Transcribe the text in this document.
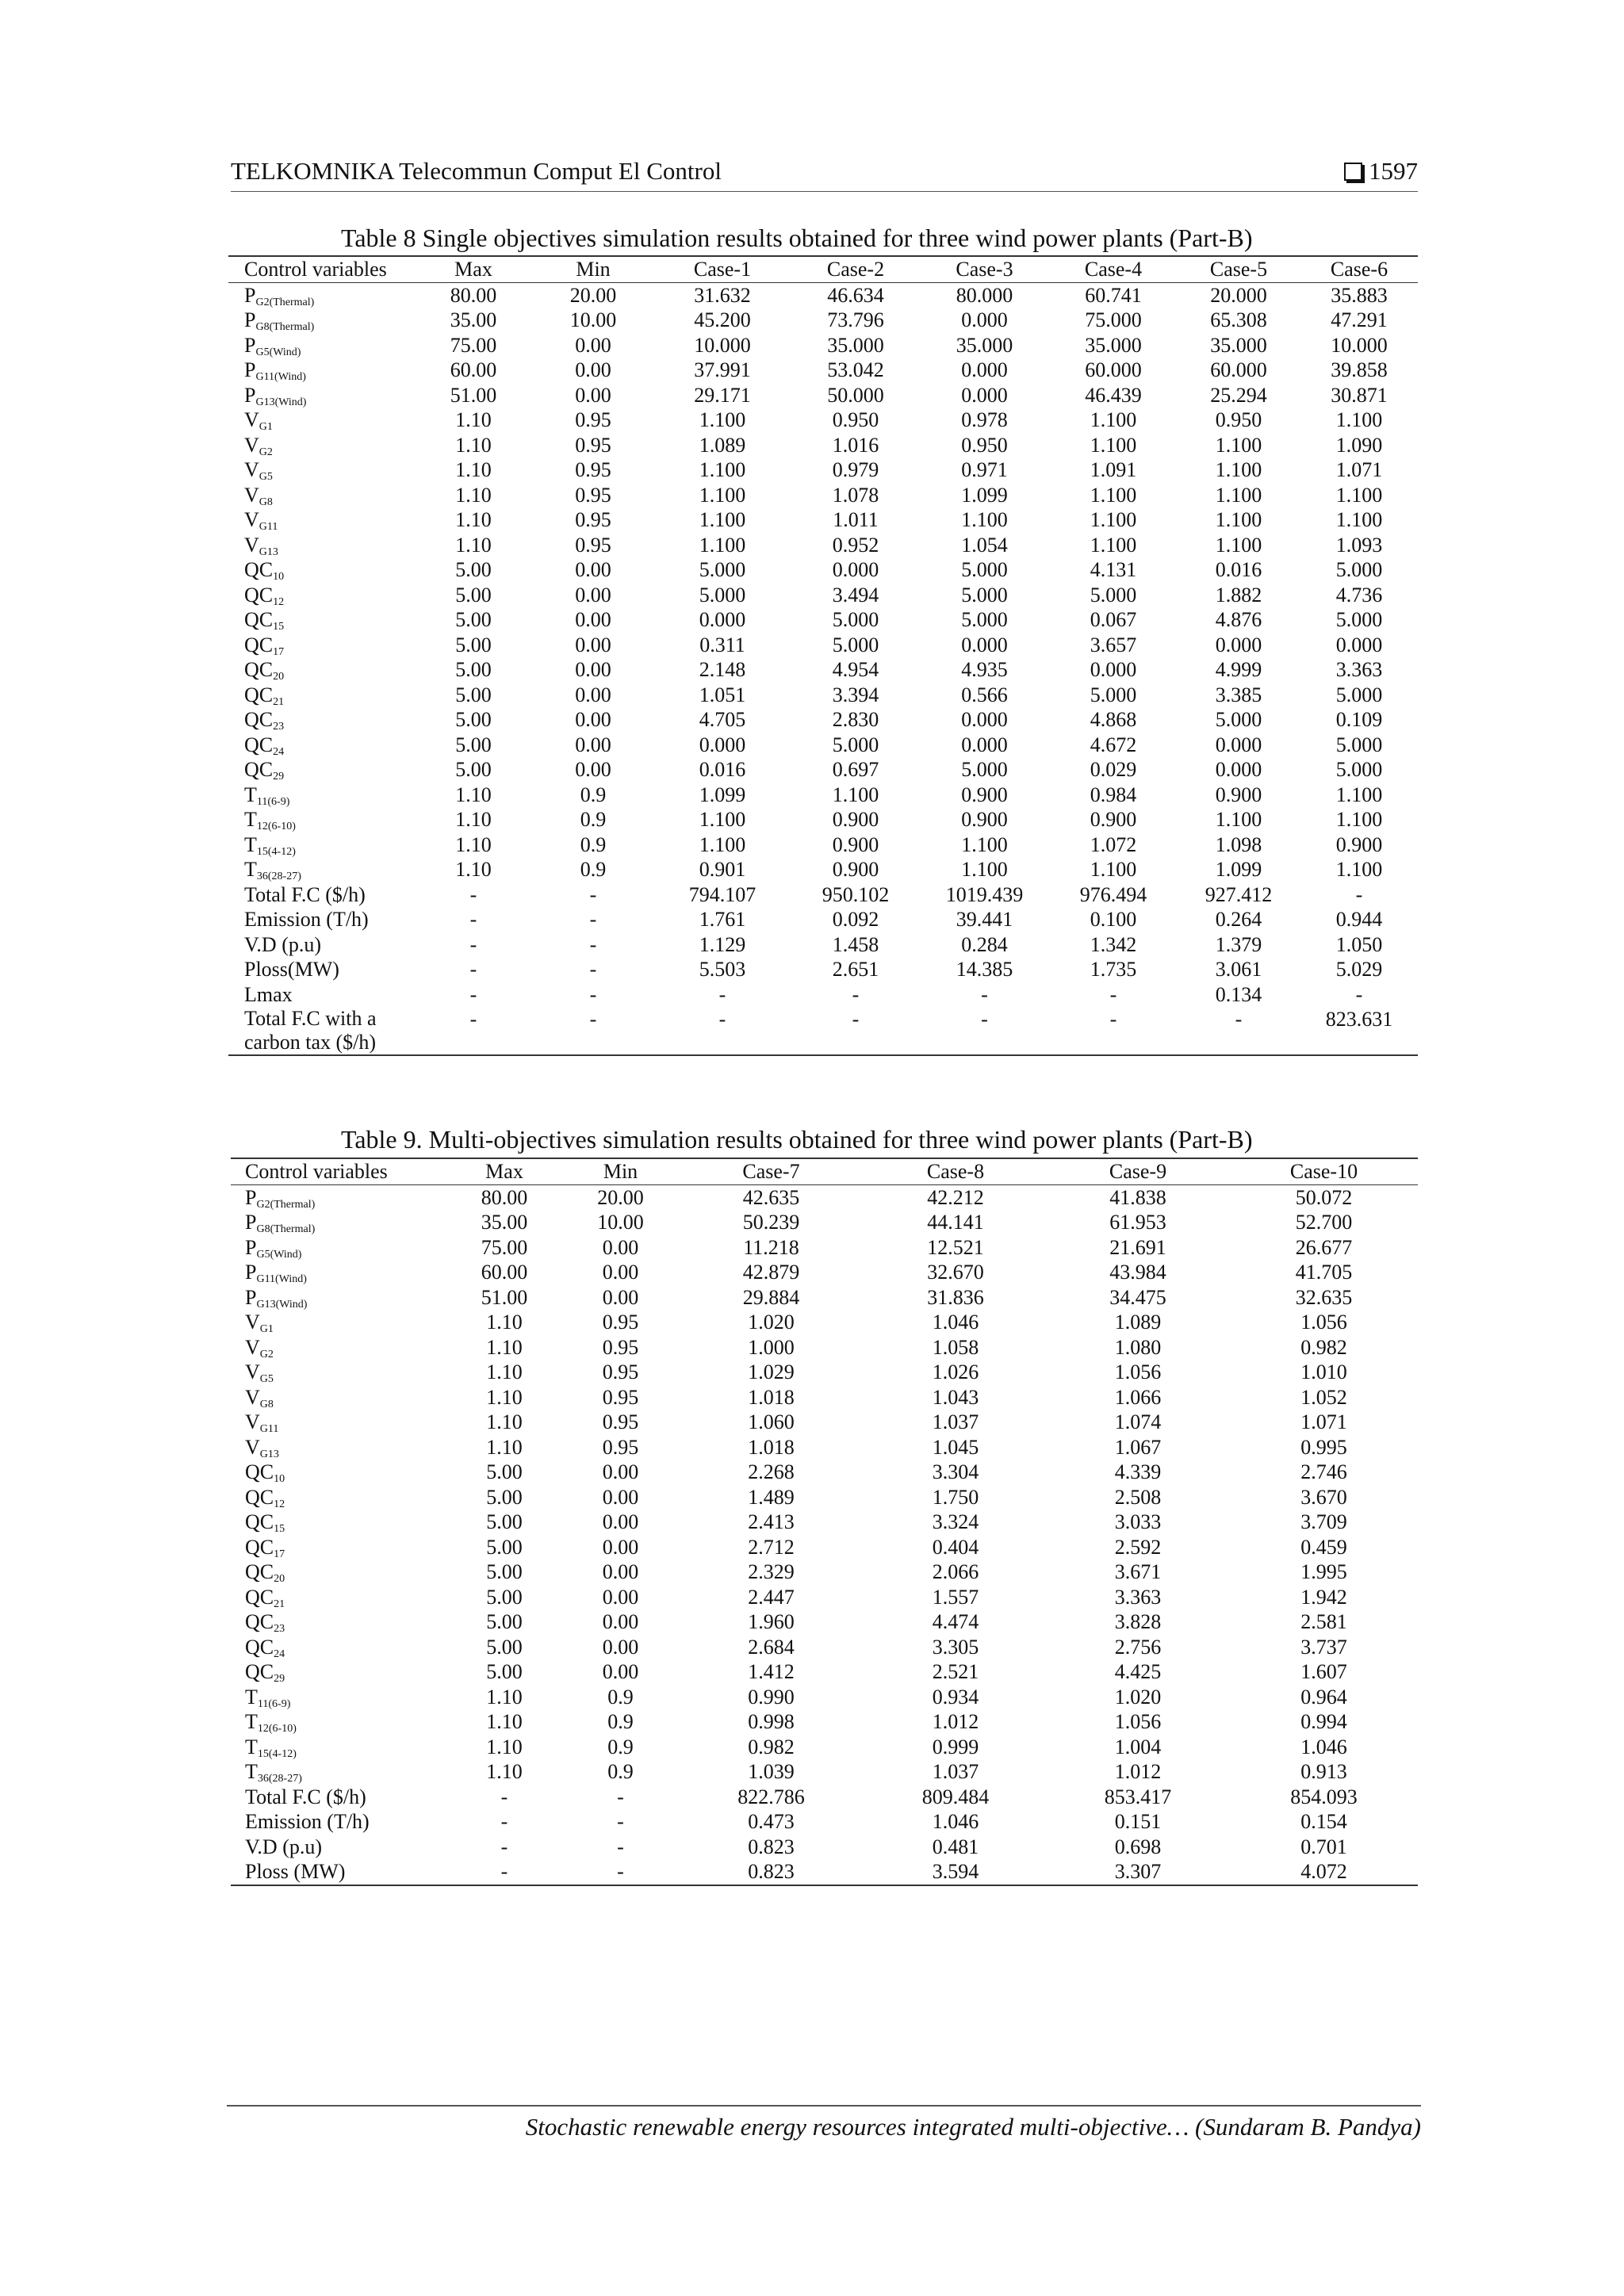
TELKOMNIKA Telecommun Comput El Control	1597
Table 8 Single objectives simulation results obtained for three wind power plants (Part-B)
Control variables	Max	Min	Case-1	Case-2	Case-3	Case-4	Case-5	Case-6
$P_{G2(Thermal)}$	80.00	20.00	31.632	46.634	80.000	60.741	20.000	35.883
$P_{G8(Thermal)}$	35.00	10.00	45.200	73.796	0.000	75.000	65.308	47.291
$P_{G5(Wind)}$	75.00	0.00	10.000	35.000	35.000	35.000	35.000	10.000
$P_{G11(Wind)}$	60.00	0.00	37.991	53.042	0.000	60.000	60.000	39.858
$P_{G13(Wind)}$	51.00	0.00	29.171	50.000	0.000	46.439	25.294	30.871
$V_{G1}$	1.10	0.95	1.100	0.950	0.978	1.100	0.950	1.100
$V_{G2}$	1.10	0.95	1.089	1.016	0.950	1.100	1.100	1.090
$V_{G5}$	1.10	0.95	1.100	0.979	0.971	1.091	1.100	1.071
$V_{G8}$	1.10	0.95	1.100	1.078	1.099	1.100	1.100	1.100
$V_{G11}$	1.10	0.95	1.100	1.011	1.100	1.100	1.100	1.100
$V_{G13}$	1.10	0.95	1.100	0.952	1.054	1.100	1.100	1.093
$QC_{10}$	5.00	0.00	5.000	0.000	5.000	4.131	0.016	5.000
$QC_{12}$	5.00	0.00	5.000	3.494	5.000	5.000	1.882	4.736
$QC_{15}$	5.00	0.00	0.000	5.000	5.000	0.067	4.876	5.000
$QC_{17}$	5.00	0.00	0.311	5.000	0.000	3.657	0.000	0.000
$QC_{20}$	5.00	0.00	2.148	4.954	4.935	0.000	4.999	3.363
$QC_{21}$	5.00	0.00	1.051	3.394	0.566	5.000	3.385	5.000
$QC_{23}$	5.00	0.00	4.705	2.830	0.000	4.868	5.000	0.109
$QC_{24}$	5.00	0.00	0.000	5.000	0.000	4.672	0.000	5.000
$QC_{29}$	5.00	0.00	0.016	0.697	5.000	0.029	0.000	5.000
$T_{11(6-9)}$	1.10	0.9	1.099	1.100	0.900	0.984	0.900	1.100
$T_{12(6-10)}$	1.10	0.9	1.100	0.900	0.900	0.900	1.100	1.100
$T_{15(4-12)}$	1.10	0.9	1.100	0.900	1.100	1.072	1.098	0.900
$T_{36(28-27)}$	1.10	0.9	0.901	0.900	1.100	1.100	1.099	1.100
Total F.C ($/h)	-	-	794.107	950.102	1019.439	976.494	927.412	-
Emission (T/h)	-	-	1.761	0.092	39.441	0.100	0.264	0.944
V.D (p.u)	-	-	1.129	1.458	0.284	1.342	1.379	1.050
Ploss(MW)	-	-	5.503	2.651	14.385	1.735	3.061	5.029
Lmax	-	-	-	-	-	-	0.134	-
Total F.C with a carbon tax ($/h)	-	-	-	-	-	-	-	823.631
Table 9. Multi-objectives simulation results obtained for three wind power plants (Part-B)
Control variables	Max	Min	Case-7	Case-8	Case-9	Case-10
$P_{G2(Thermal)}$	80.00	20.00	42.635	42.212	41.838	50.072
$P_{G8(Thermal)}$	35.00	10.00	50.239	44.141	61.953	52.700
$P_{G5(Wind)}$	75.00	0.00	11.218	12.521	21.691	26.677
$P_{G11(Wind)}$	60.00	0.00	42.879	32.670	43.984	41.705
$P_{G13(Wind)}$	51.00	0.00	29.884	31.836	34.475	32.635
$V_{G1}$	1.10	0.95	1.020	1.046	1.089	1.056
$V_{G2}$	1.10	0.95	1.000	1.058	1.080	0.982
$V_{G5}$	1.10	0.95	1.029	1.026	1.056	1.010
$V_{G8}$	1.10	0.95	1.018	1.043	1.066	1.052
$V_{G11}$	1.10	0.95	1.060	1.037	1.074	1.071
$V_{G13}$	1.10	0.95	1.018	1.045	1.067	0.995
$QC_{10}$	5.00	0.00	2.268	3.304	4.339	2.746
$QC_{12}$	5.00	0.00	1.489	1.750	2.508	3.670
$QC_{15}$	5.00	0.00	2.413	3.324	3.033	3.709
$QC_{17}$	5.00	0.00	2.712	0.404	2.592	0.459
$QC_{20}$	5.00	0.00	2.329	2.066	3.671	1.995
$QC_{21}$	5.00	0.00	2.447	1.557	3.363	1.942
$QC_{23}$	5.00	0.00	1.960	4.474	3.828	2.581
$QC_{24}$	5.00	0.00	2.684	3.305	2.756	3.737
$QC_{29}$	5.00	0.00	1.412	2.521	4.425	1.607
$T_{11(6-9)}$	1.10	0.9	0.990	0.934	1.020	0.964
$T_{12(6-10)}$	1.10	0.9	0.998	1.012	1.056	0.994
$T_{15(4-12)}$	1.10	0.9	0.982	0.999	1.004	1.046
$T_{36(28-27)}$	1.10	0.9	1.039	1.037	1.012	0.913
Total F.C ($/h)	-	-	822.786	809.484	853.417	854.093
Emission (T/h)	-	-	0.473	1.046	0.151	0.154
V.D (p.u)	-	-	0.823	0.481	0.698	0.701
Ploss (MW)	-	-	0.823	3.594	3.307	4.072
Stochastic renewable energy resources integrated multi-objective… (Sundaram B. Pandya)
